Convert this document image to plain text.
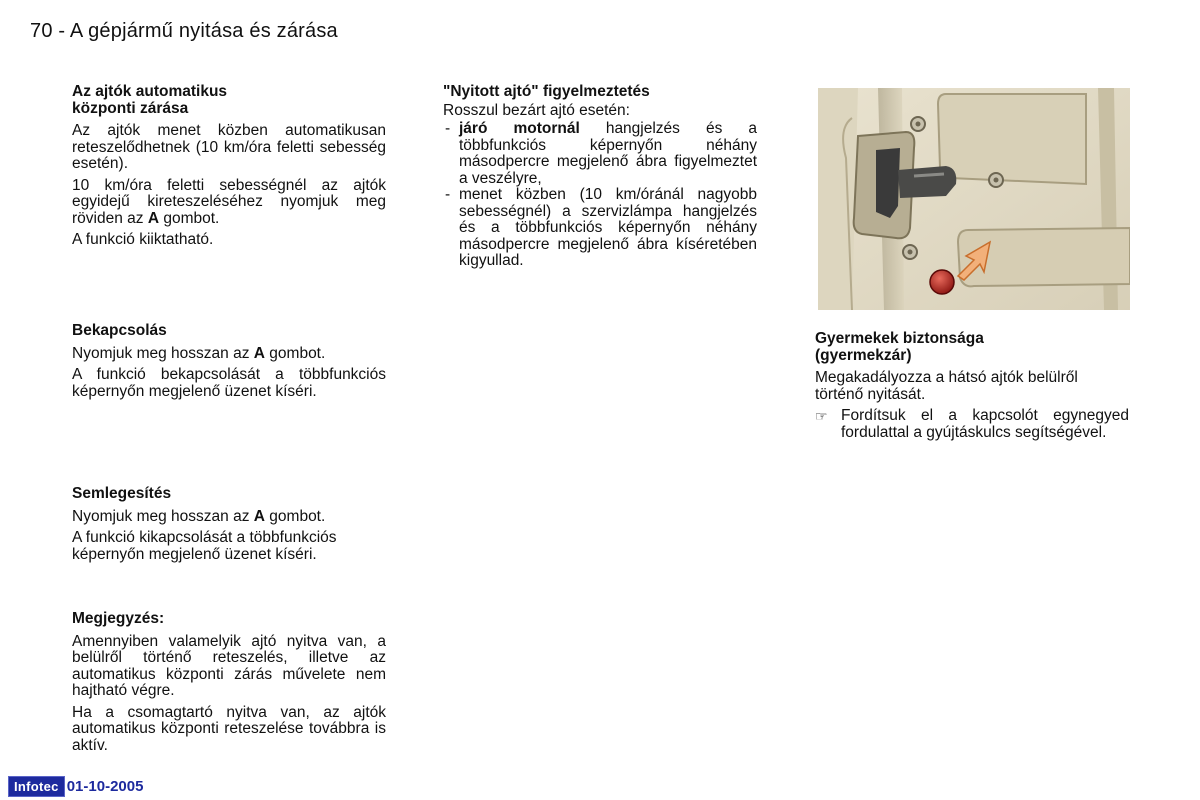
70 - A gépjármű nyitása és zárása
Az ajtók automatikus
központi zárása

Az ajtók menet közben automatikusan reteszelődhetnek (10 km/óra feletti sebesség esetén).

10 km/óra feletti sebességnél az ajtók egyidejű kireteszeléséhez nyomjuk meg röviden az A gombot.

A funkció kiiktatható.

Bekapcsolás

Nyomjuk meg hosszan az A gombot.

A funkció bekapcsolását a többfunkciós képernyőn megjelenő üzenet kíséri.

Semlegesítés

Nyomjuk meg hosszan az A gombot.

A funkció kikapcsolását a többfunkciós képernyőn megjelenő üzenet kíséri.

Megjegyzés:

Amennyiben valamelyik ajtó nyitva van, a belülről történő reteszelés, illetve az automatikus központi zárás művelete nem hajtható végre.

Ha a csomagtartó nyitva van, az ajtók automatikus központi reteszelése továbbra is aktív.

"Nyitott ajtó" figyelmeztetés

Rosszul bezárt ajtó esetén:

- járó motornál hangjelzés és a többfunkciós képernyőn néhány másodpercre megjelenő ábra figyelmeztet a veszélyre,
- menet közben (10 km/óránál nagyobb sebességnél) a szervizlámpa hangjelzés és a többfunkciós képernyőn néhány másodpercre megjelenő ábra kíséretében kigyullad.
Gyermekek biztonsága
(gyermekzár)

Megakadályozza a hátsó ajtók belülről történő nyitását.

☞ Fordítsuk el a kapcsolót egynegyed fordulattal a gyújtáskulcs segítségével.
Infotec 01-10-2005
